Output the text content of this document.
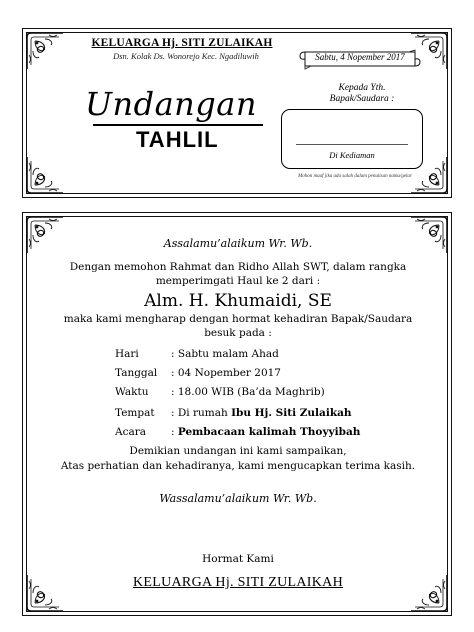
KELUARGA Hj. SITI ZULAIKAH
Dsn. Kolak Ds. Wonorejo Kec. Ngadiluwih	Sabtu, 4 Nopember 2017
Undangan
TAHLIL
Kepada Yth.
Bapak/Saudara :
Di Kediaman
Mohon maaf jika ada salah dalam penulisan nama/gelar
Assalamu’alaikum Wr. Wb.
Dengan memohon Rahmat dan Ridho Allah SWT, dalam rangka
memperimgati Haul ke 2 dari :
Alm. H. Khumaidi, SE
maka kami mengharap dengan hormat kehadiran Bapak/Saudara
besuk pada :
Hari	: Sabtu malam Ahad
Tanggal : 04 Nopember 2017
Waktu : 18.00 WIB (Ba’da Maghrib)
Tempat : Di rumah Ibu Hj. Siti Zulaikah
Acara : Pembacaan kalimah Thoyyibah
Demikian undangan ini kami sampaikan,
Atas perhatian dan kehadiranya, kami mengucapkan terima kasih.
Wassalamu’alaikum Wr. Wb.
Hormat Kami
KELUARGA Hj. SITI ZULAIKAH
